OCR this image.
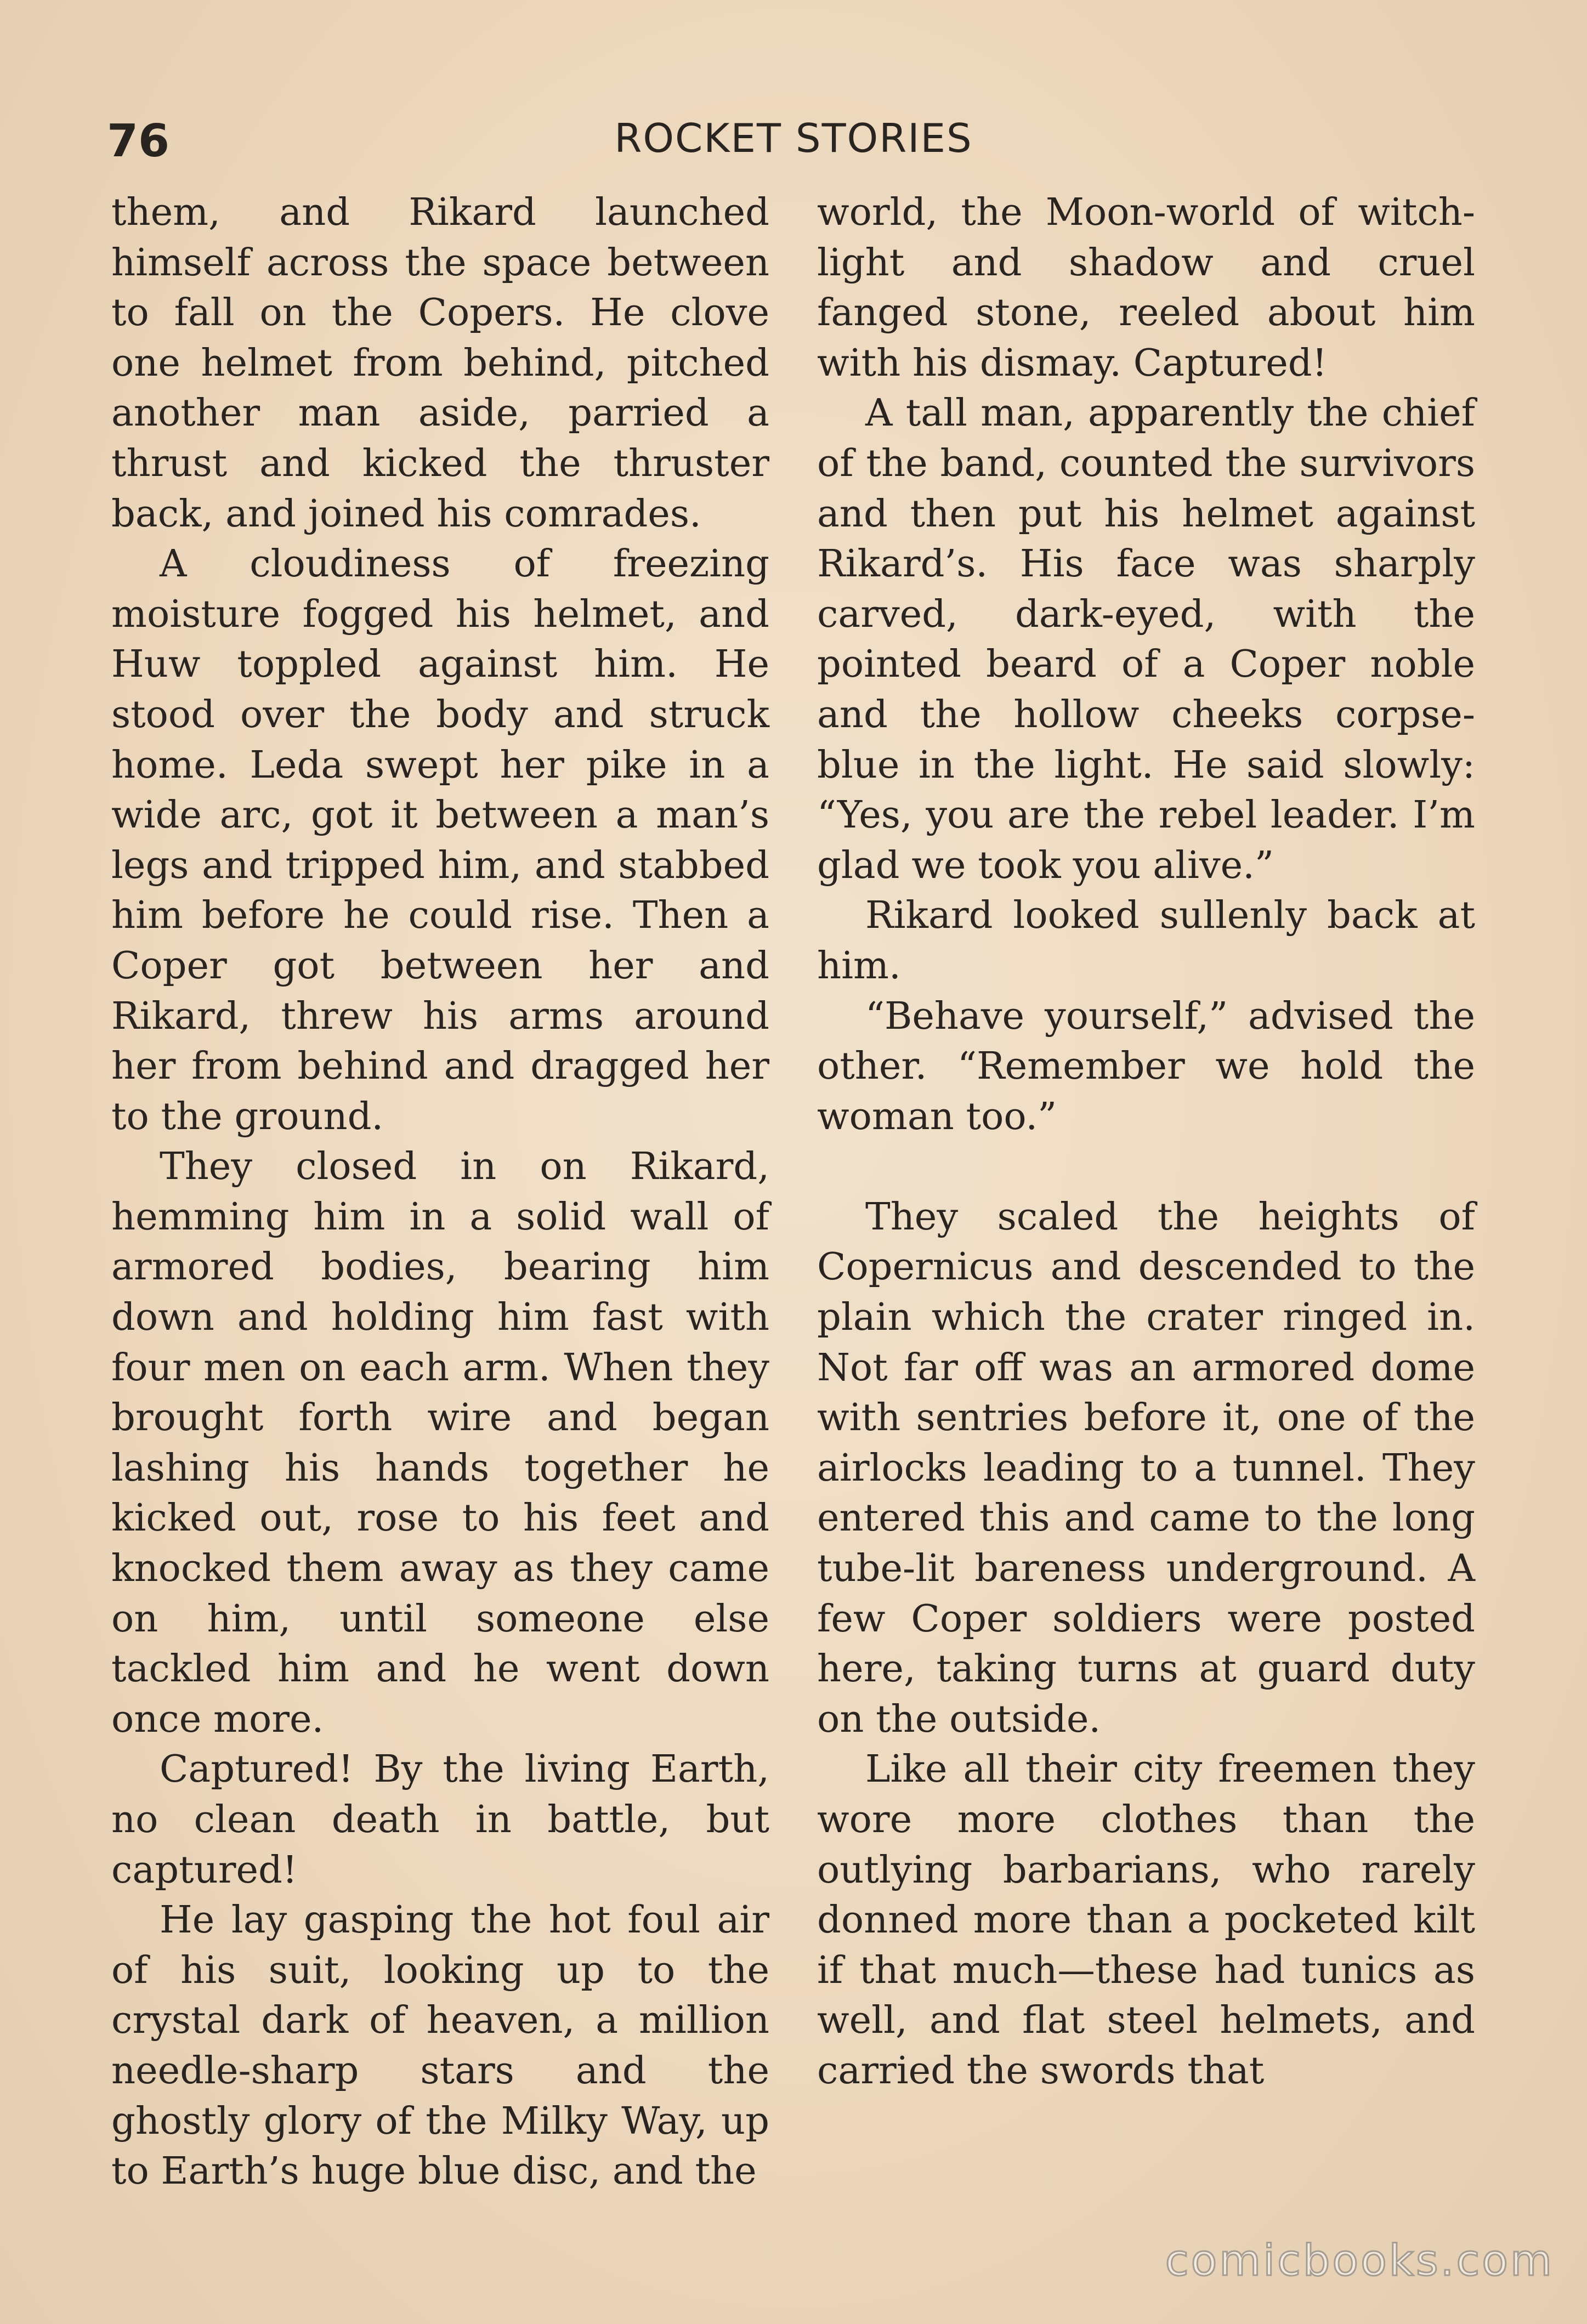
76	ROCKET STORIES

them, and Rikard launched himself across the space between to fall on the Copers. He clove one helmet from behind, pitched another man aside, parried a thrust and kicked the thruster back, and joined his comrades.

A cloudiness of freezing moisture fogged his helmet, and Huw toppled against him. He stood over the body and struck home. Leda swept her pike in a wide arc, got it between a man’s legs and tripped him, and stabbed him before he could rise. Then a Coper got between her and Rikard, threw his arms around her from behind and dragged her to the ground.

They closed in on Rikard, hemming him in a solid wall of armored bodies, bearing him down and holding him fast with four men on each arm. When they brought forth wire and began lashing his hands together he kicked out, rose to his feet and knocked them away as they came on him, until someone else tackled him and he went down once more.

Captured! By the living Earth, no clean death in battle, but captured!

He lay gasping the hot foul air of his suit, looking up to the crystal dark of heaven, a million needle-sharp stars and the ghostly glory of the Milky Way, up to Earth’s huge blue disc, and the

world, the Moon-world of witch-light and shadow and cruel fanged stone, reeled about him with his dismay. Captured!

A tall man, apparently the chief of the band, counted the survivors and then put his helmet against Rikard’s. His face was sharply carved, dark-eyed, with the pointed beard of a Coper noble and the hollow cheeks corpse-blue in the light. He said slowly: “Yes, you are the rebel leader. I’m glad we took you alive.”

Rikard looked sullenly back at him.

“Behave yourself,” advised the other. “Remember we hold the woman too.”

They scaled the heights of Copernicus and descended to the plain which the crater ringed in. Not far off was an armored dome with sentries before it, one of the airlocks leading to a tunnel. They entered this and came to the long tube-lit bareness underground. A few Coper soldiers were posted here, taking turns at guard duty on the outside.

Like all their city freemen they wore more clothes than the outlying barbarians, who rarely donned more than a pocketed kilt if that much—these had tunics as well, and flat steel helmets, and carried the swords that

comicbooks.com
